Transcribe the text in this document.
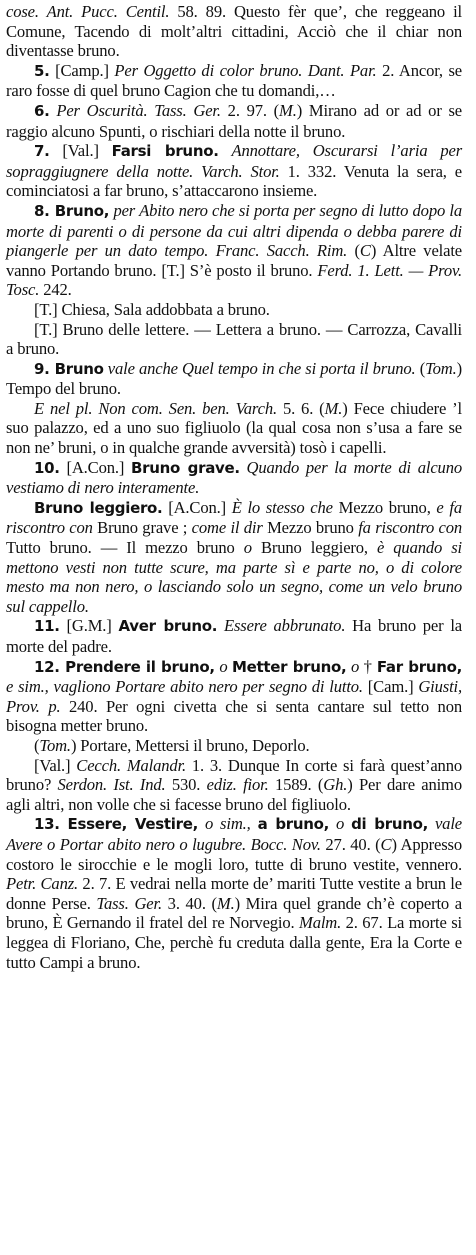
cose. Ant. Pucc. Centil. 58. 89. Questo fèr que’, che reggeano il Comune, Tacendo di molt’altri cittadini, Acciò che il chiar non diventasse bruno.

5. [Camp.] Per Oggetto di color bruno. Dant. Par. 2. Ancor, se raro fosse di quel bruno Cagion che tu domandi,…

6. Per Oscurità. Tass. Ger. 2. 97. (M.) Mirano ad or ad or se raggio alcuno Spunti, o rischiari della notte il bruno.

7. [Val.] Farsi bruno. Annottare, Oscurarsi l’aria per sopraggiugnere della notte. Varch. Stor. 1. 332. Venuta la sera, e cominciatosi a far bruno, s’attaccarono insieme.

8. Bruno, per Abito nero che si porta per segno di lutto dopo la morte di parenti o di persone da cui altri dipenda o debba parere di piangerle per un dato tempo. Franc. Sacch. Rim. (C) Altre velate vanno Portando bruno. [T.] S’è posto il bruno. Ferd. 1. Lett. — Prov. Tosc. 242.

[T.] Chiesa, Sala addobbata a bruno.

[T.] Bruno delle lettere. — Lettera a bruno. — Carrozza, Cavalli a bruno.

9. Bruno vale anche Quel tempo in che si porta il bruno. (Tom.) Tempo del bruno.

E nel pl. Non com. Sen. ben. Varch. 5. 6. (M.) Fece chiudere ’l suo palazzo, ed a uno suo figliuolo (la qual cosa non s’usa a fare se non ne’ bruni, o in qualche grande avversità) tosò i capelli.

10. [A.Con.] Bruno grave. Quando per la morte di alcuno vestiamo di nero interamente.

Bruno leggiero. [A.Con.] È lo stesso che Mezzo bruno, e fa riscontro con Bruno grave ; come il dir Mezzo bruno fa riscontro con Tutto bruno. — Il mezzo bruno o Bruno leggiero, è quando si mettono vesti non tutte scure, ma parte sì e parte no, o di colore mesto ma non nero, o lasciando solo un segno, come un velo bruno sul cappello.

11. [G.M.] Aver bruno. Essere abbrunato. Ha bruno per la morte del padre.

12. Prendere il bruno, o Metter bruno, o † Far bruno, e sim., vagliono Portare abito nero per segno di lutto. [Cam.] Giusti, Prov. p. 240. Per ogni civetta che si senta cantare sul tetto non bisogna metter bruno.

(Tom.) Portare, Mettersi il bruno, Deporlo.

[Val.] Cecch. Malandr. 1. 3. Dunque In corte si farà quest’anno bruno? Serdon. Ist. Ind. 530. ediz. fior. 1589. (Gh.) Per dare animo agli altri, non volle che si facesse bruno del figliuolo.

13. Essere, Vestire, o sim., a bruno, o di bruno, vale Avere o Portar abito nero o lugubre. Bocc. Nov. 27. 40. (C) Appresso costoro le sirocchie e le mogli loro, tutte di bruno vestite, vennero. Petr. Canz. 2. 7. E vedrai nella morte de’ mariti Tutte vestite a brun le donne Perse. Tass. Ger. 3. 40. (M.) Mira quel grande ch’è coperto a bruno, È Gernando il fratel del re Norvegio. Malm. 2. 67. La morte si leggea di Floriano, Che, perchè fu creduta dalla gente, Era la Corte e tutto Campi a bruno.
